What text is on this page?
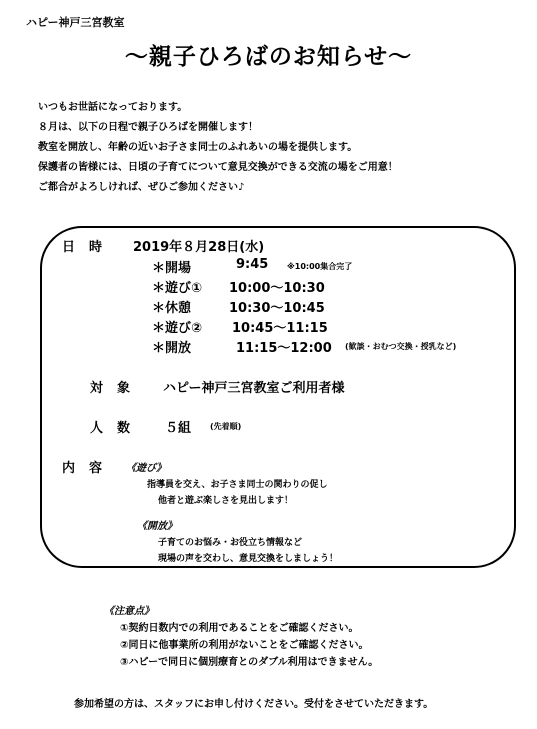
ハピー神戸三宮教室
～親子ひろばのお知らせ～
いつもお世話になっております。
８月は、以下の日程で親子ひろばを開催します！
教室を開放し、年齢の近いお子さま同士のふれあいの場を提供します。
保護者の皆様には、日頃の子育てについて意見交換ができる交流の場をご用意！
ご都合がよろしければ、ぜひご参加ください♪
日時 2019年８月28日(水)
＊開場	9:45 ※10:00集合完了
＊遊び① 10:00～10:30
＊休憩	10:30～10:45
＊遊び② 10:45～11:15
＊開放	11:15～12:00 (歓談・おむつ交換・授乳など)
対象 ハピー神戸三宮教室ご利用者様
人数 ５組 (先着順)
内容 《遊び》
指導員を交え、お子さま同士の関わりの促し
他者と遊ぶ楽しさを見出します！
《開放》
子育てのお悩み・お役立ち情報など
現場の声を交わし、意見交換をしましょう！
《注意点》
①契約日数内での利用であることをご確認ください。
②同日に他事業所の利用がないことをご確認ください。
③ハピーで同日に個別療育とのダブル利用はできません。
参加希望の方は、スタッフにお申し付けください。受付をさせていただきます。
